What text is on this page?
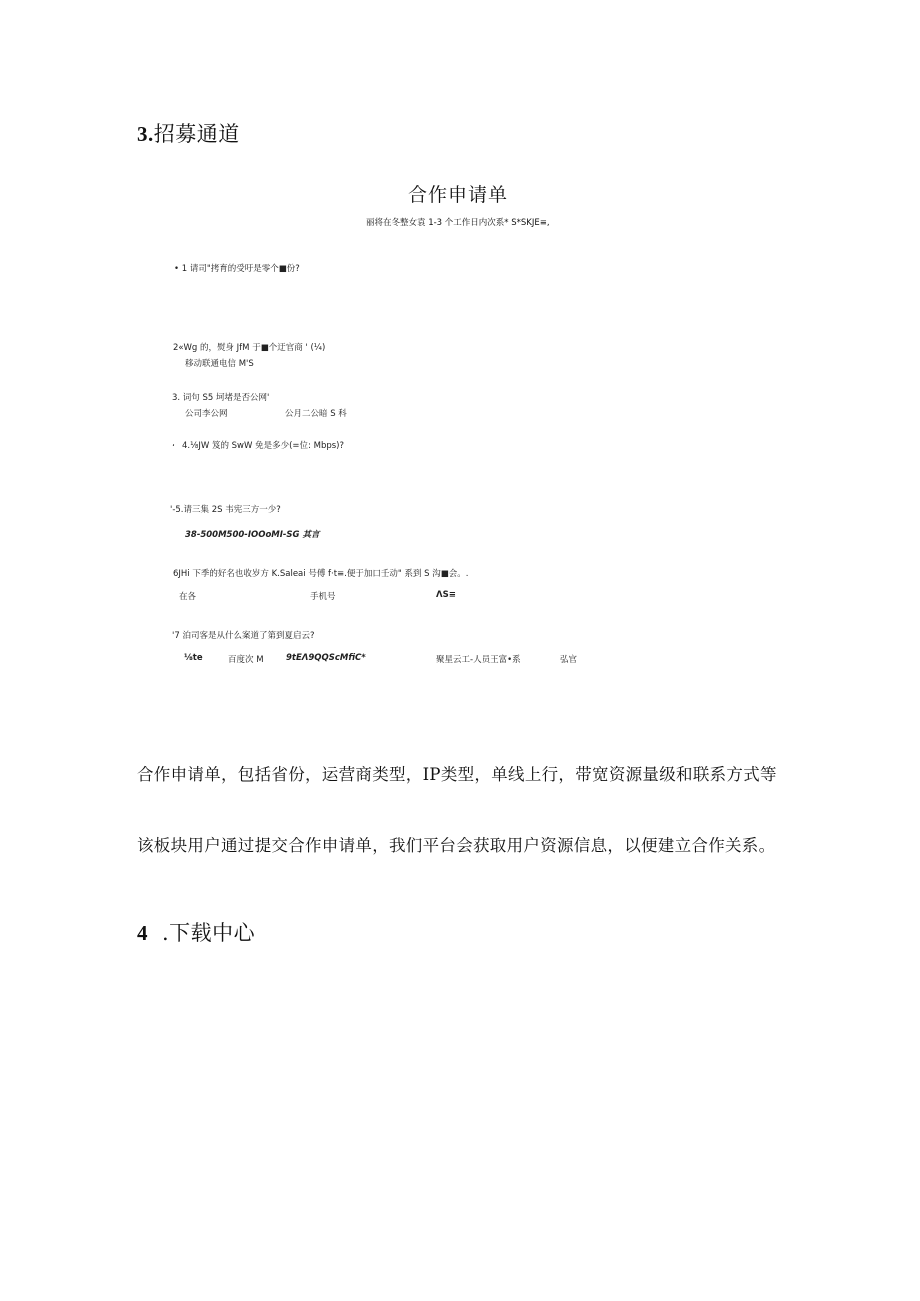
3.招募通道
合作申请单
丽将在冬整女袁 1-3 个工作日内次系* S*SKJE≡,
• 1 请司"拷育的受吁是零个■份?
2«Wg 的，熨身 JfM 于■个迂官商 ' (¼)
移动联通电信 M'S
3. 词句 S5 坷堵是否公网'
公司李公网	公月二公暗 S 科
، 4.⅛JW 笈的 SwW 免是多少(=位: Mbps)?
'-5.请三集 2S 韦宪三方一少?
38-500M500-IOOoMI-SG 其言
6JHi 下季的好名也收岁方 K.Saleai 号傅 f·t≡.便于加口壬动" 系到 S 沟■会。.
在各	手机号	ΛS≡
'7 泊司客是从什么案道了第到夏启云?
⅛te	百度次 M	9tEΛ9QQScMfiC*	聚星云工-人员王富•系	弘官
合作申请单，包括省份，运营商类型，IP类型，单线上行，带宽资源量级和联系方式等
该板块用户通过提交合作申请单，我们平台会获取用户资源信息，以便建立合作关系。
4 .下载中心
